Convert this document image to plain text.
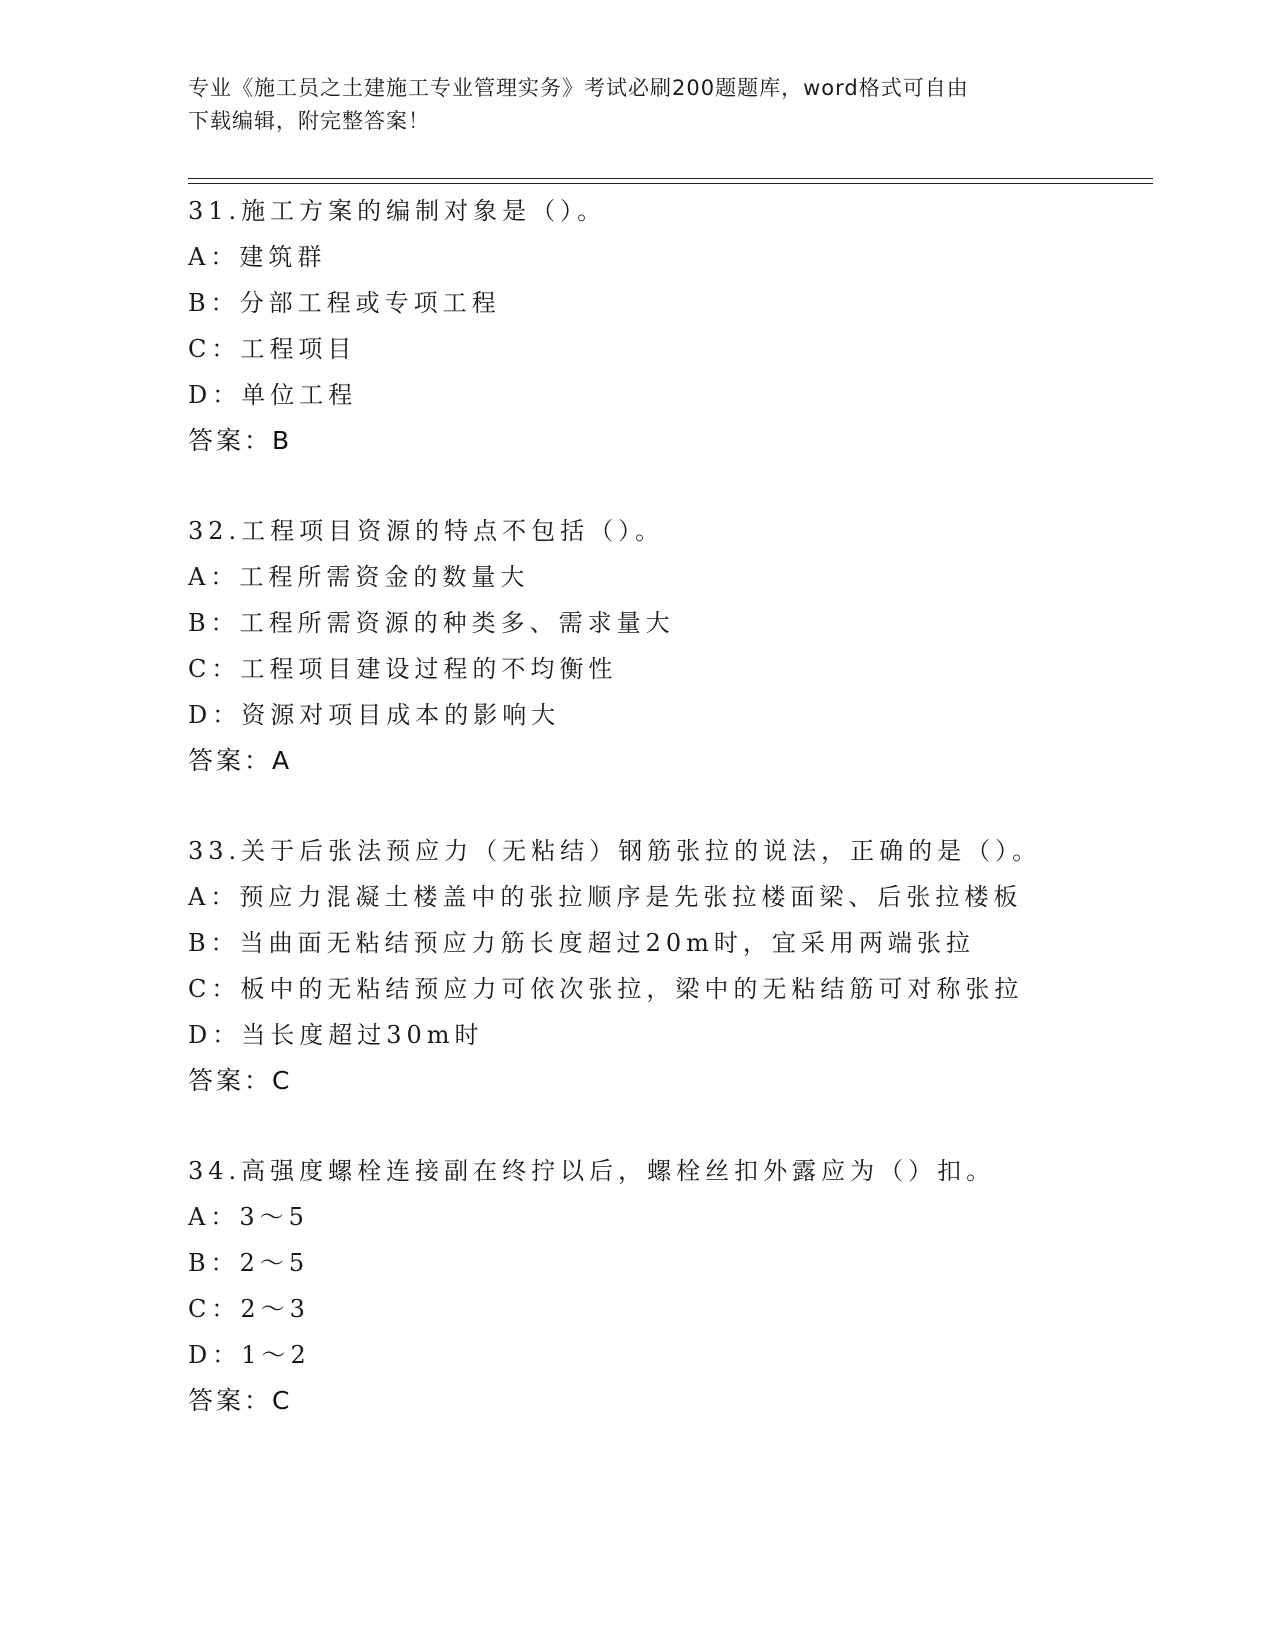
专业《施工员之土建施工专业管理实务》考试必刷200题题库，word格式可自由
下载编辑，附完整答案！
31.施工方案的编制对象是（）。
A：建筑群
B：分部工程或专项工程
C：工程项目
D：单位工程
答案：B
32.工程项目资源的特点不包括（）。
A：工程所需资金的数量大
B：工程所需资源的种类多、需求量大
C：工程项目建设过程的不均衡性
D：资源对项目成本的影响大
答案：A
33.关于后张法预应力（无粘结）钢筋张拉的说法，正确的是（）。
A：预应力混凝土楼盖中的张拉顺序是先张拉楼面梁、后张拉楼板
B：当曲面无粘结预应力筋长度超过20m时，宜采用两端张拉
C：板中的无粘结预应力可依次张拉，梁中的无粘结筋可对称张拉
D：当长度超过30m时
答案：C
34.高强度螺栓连接副在终拧以后，螺栓丝扣外露应为（）扣。
A：3～5
B：2～5
C：2～3
D：1～2
答案：C
